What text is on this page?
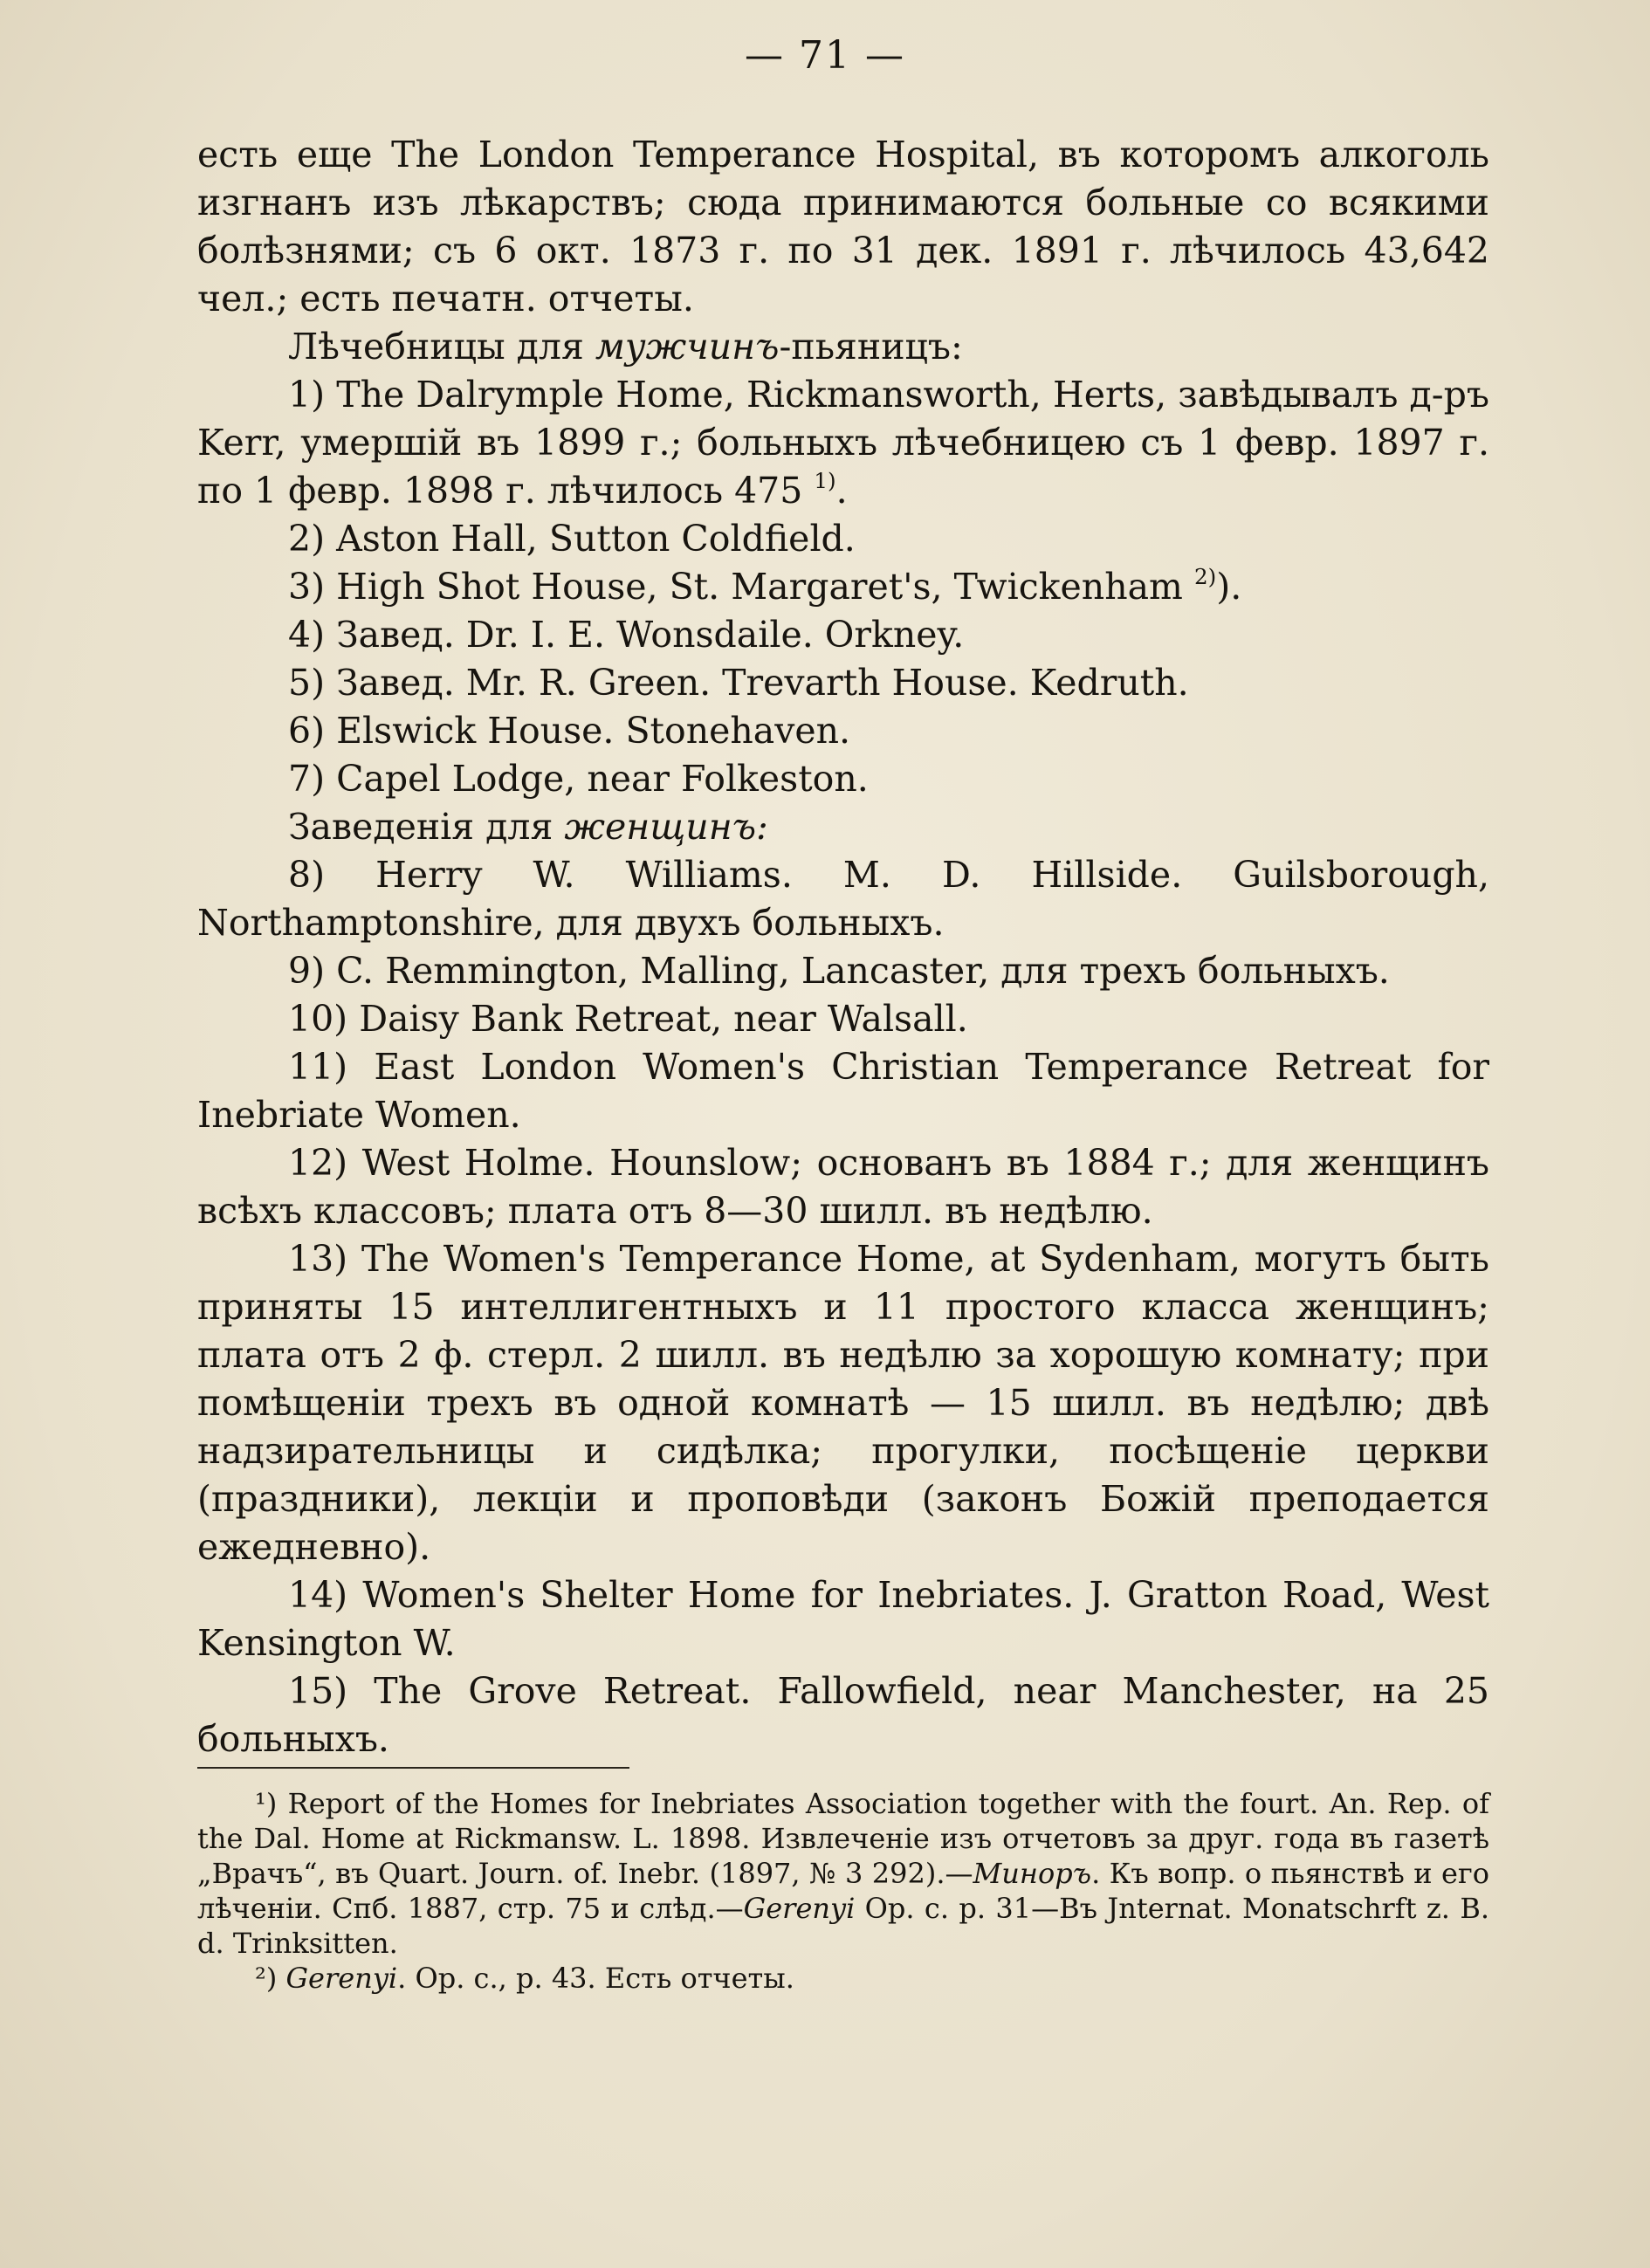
— 71 —

есть еще The London Temperance Hospital, въ которомъ алкоголь изгнанъ изъ лѣкарствъ; сюда принимаются больные со всякими болѣзнями; съ 6 окт. 1873 г. по 31 дек. 1891 г. лѣчилось 43,642 чел.; есть печатн. отчеты.

Лѣчебницы для мужчинъ-пьяницъ:

1) The Dalrymple Home, Rickmansworth, Herts, завѣдывалъ д-ръ Kerr, умершій въ 1899 г.; больныхъ лѣчебницею съ 1 февр. 1897 г. по 1 февр. 1898 г. лѣчилось 475 $^{1)}$.

2) Aston Hall, Sutton Coldfield.

3) High Shot House, St. Margaret's, Twickenham $^{2)}$).

4) Завед. Dr. I. E. Wonsdaile. Orkney.

5) Завед. Mr. R. Green. Trevarth House. Kedruth.

6) Elswick House. Stonehaven.

7) Capel Lodge, near Folkeston.

Заведенія для женщинъ:

8) Herry W. Williams. M. D. Hillside. Guilsborough, Northamptonshire, для двухъ больныхъ.

9) C. Remmington, Malling, Lancaster, для трехъ больныхъ.

10) Daisy Bank Retreat, near Walsall.

11) East London Women's Christian Temperance Retreat for Inebriate Women.

12) West Holme. Hounslow; основанъ въ 1884 г.; для женщинъ всѣхъ классовъ; плата отъ 8—30 шилл. въ недѣлю.

13) The Women's Temperance Home, at Sydenham, могутъ быть приняты 15 интеллигентныхъ и 11 простого класса женщинъ; плата отъ 2 ф. стерл. 2 шилл. въ недѣлю за хорошую комнату; при помѣщеніи трехъ въ одной комнатѣ — 15 шилл. въ недѣлю; двѣ надзирательницы и сидѣлка; прогулки, посѣщеніе церкви (праздники), лекціи и проповѣди (законъ Божій преподается ежедневно).

14) Women's Shelter Home for Inebriates. J. Gratton Road, West Kensington W.

15) The Grove Retreat. Fallowfield, near Manchester, на 25 больныхъ.

¹) Report of the Homes for Inebriates Association together with the fourt. An. Rep. of the Dal. Home at Rickmansw. L. 1898. Извлеченіе изъ отчетовъ за друг. года въ газетѣ „Врачъ“, въ Quart. Journ. of. Inebr. (1897, № 3 292).—Миноръ. Къ вопр. о пьянствѣ и его лѣченіи. Спб. 1887, стр. 75 и слѣд.—Gerenyi Op. c. p. 31—Въ Jnternat. Monatschrft z. B. d. Trinksitten.

²) Gerenyi. Op. c., p. 43. Есть отчеты.
